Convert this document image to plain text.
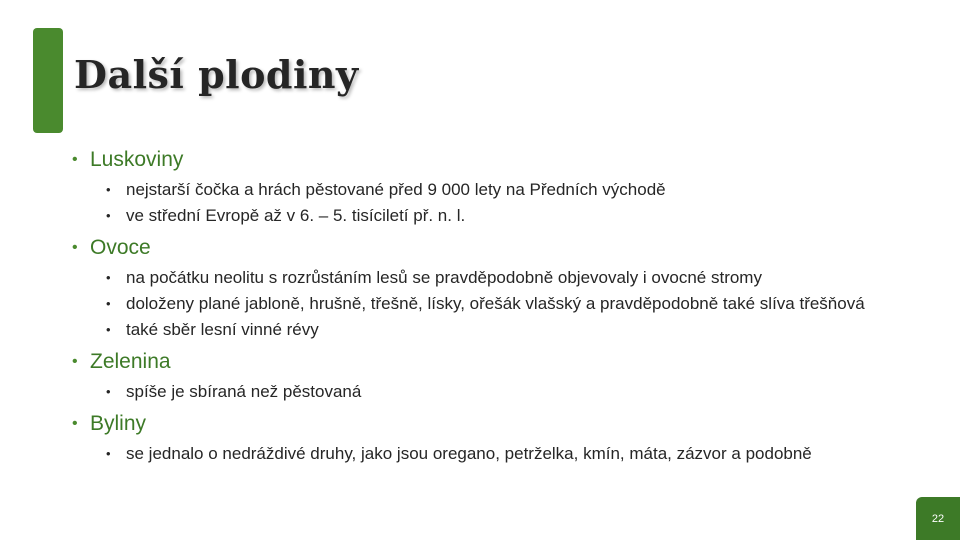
Další plodiny
• Luskoviny
• nejstarší čočka a hrách pěstované před 9 000 lety na Předních východě
• ve střední Evropě až v 6. – 5. tisíciletí př. n. l.
• Ovoce
• na počátku neolitu s rozrůstáním lesů se pravděpodobně objevovaly i ovocné stromy
• doloženy plané jabloně, hrušně, třešně, lísky, ořešák vlašský a pravděpodobně také slíva třešňová
• také sběr lesní vinné révy
• Zelenina
• spíše je sbíraná než pěstovaná
• Byliny
• se jednalo o nedráždivé druhy, jako jsou oregano, petrželka, kmín, máta, zázvor a podobně
22
